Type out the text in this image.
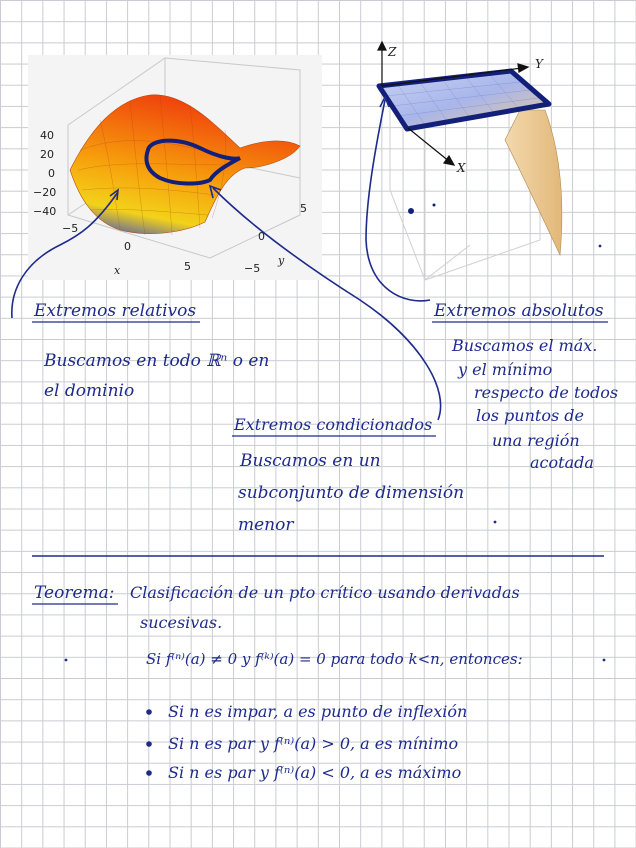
40
20
0
−20
−40
−5
0
5
5
0
−5
x
y
Z
Y
X
Extremos relativos
Buscamos en todo ℝⁿ o en
el dominio
Extremos absolutos
Buscamos el máx.
y el mínimo
respecto de todos
los puntos de
una región
acotada
Extremos condicionados
Buscamos en un
subconjunto de dimensión
menor
Teorema: Clasificación de un pto crítico usando derivadas
sucesivas.
Si f⁽ⁿ⁾(a) ≠ 0 y f⁽ᵏ⁾(a) = 0 para todo k<n, entonces:
Si n es impar, a es punto de inflexión
Si n es par y f⁽ⁿ⁾(a) > 0, a es mínimo
Si n es par y f⁽ⁿ⁾(a) < 0, a es máximo
